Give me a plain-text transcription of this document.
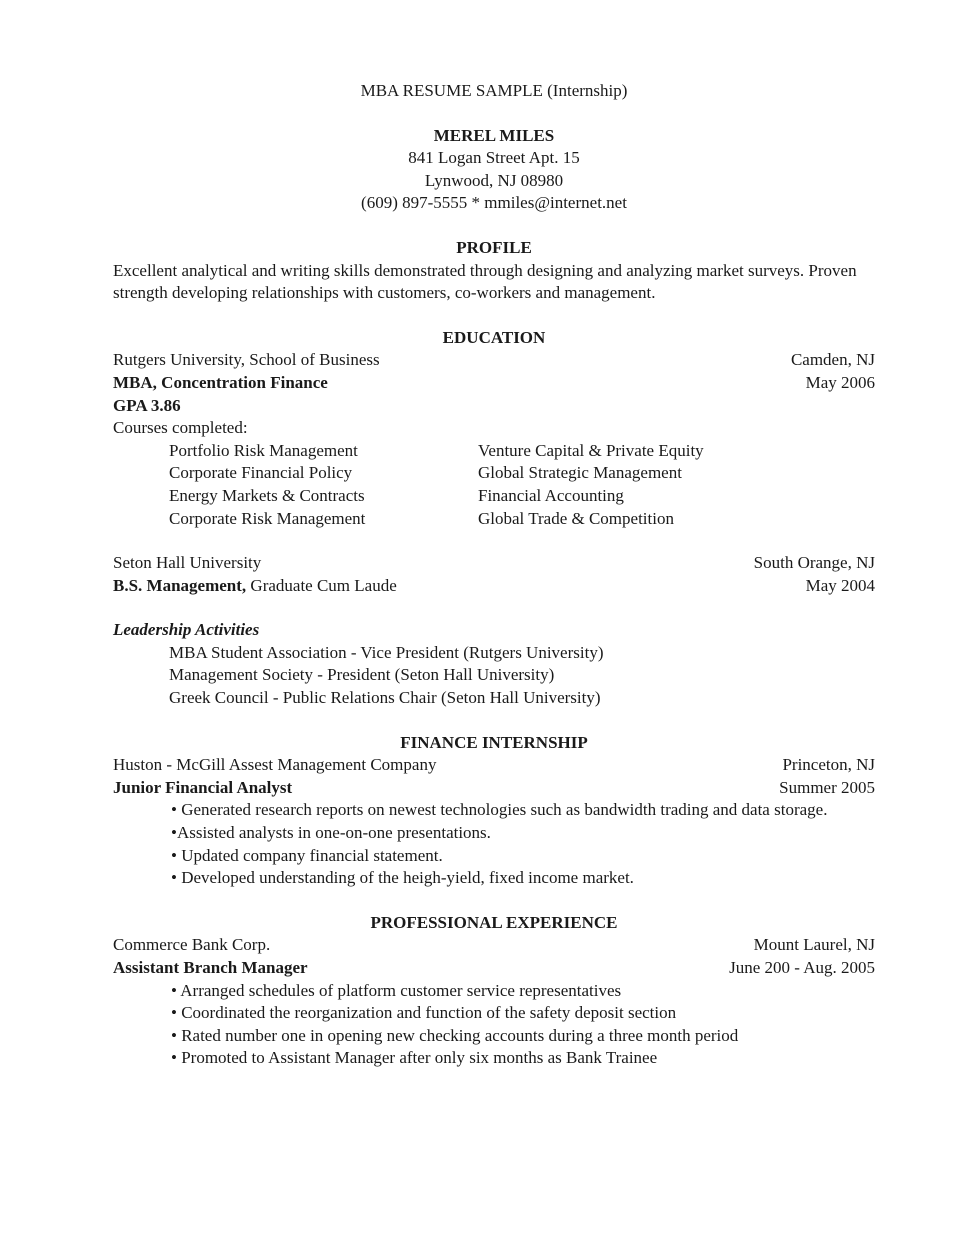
MBA RESUME SAMPLE (Internship)
MEREL MILES
841 Logan Street Apt. 15
Lynwood, NJ 08980
(609) 897-5555 * mmiles@internet.net
PROFILE
Excellent analytical and writing skills demonstrated through designing and analyzing market surveys. Proven strength developing relationships with customers, co-workers and management.
EDUCATION
Rutgers University, School of Business	Camden, NJ
MBA, Concentration Finance	May 2006
GPA 3.86
Courses completed:
Portfolio Risk Management	Venture Capital & Private Equity
Corporate Financial Policy	Global Strategic Management
Energy Markets & Contracts	Financial Accounting
Corporate Risk Management	Global Trade & Competition
Seton Hall University	South Orange, NJ
B.S. Management, Graduate Cum Laude	May 2004
Leadership Activities
MBA Student Association - Vice President (Rutgers University)
Management Society - President (Seton Hall University)
Greek Council - Public Relations Chair (Seton Hall University)
FINANCE INTERNSHIP
Huston - McGill Assest Management Company	Princeton, NJ
Junior Financial Analyst	Summer 2005
• Generated research reports on newest technologies such as bandwidth trading and data storage.
•Assisted analysts in one-on-one presentations.
• Updated company financial statement.
• Developed understanding of the heigh-yield, fixed income market.
PROFESSIONAL EXPERIENCE
Commerce Bank Corp.	Mount Laurel, NJ
Assistant Branch Manager	June 200 - Aug. 2005
• Arranged schedules of platform customer service representatives
• Coordinated the reorganization and function of the safety deposit section
• Rated number one in opening new checking accounts during a three month period
• Promoted to Assistant Manager after only six months as Bank Trainee
